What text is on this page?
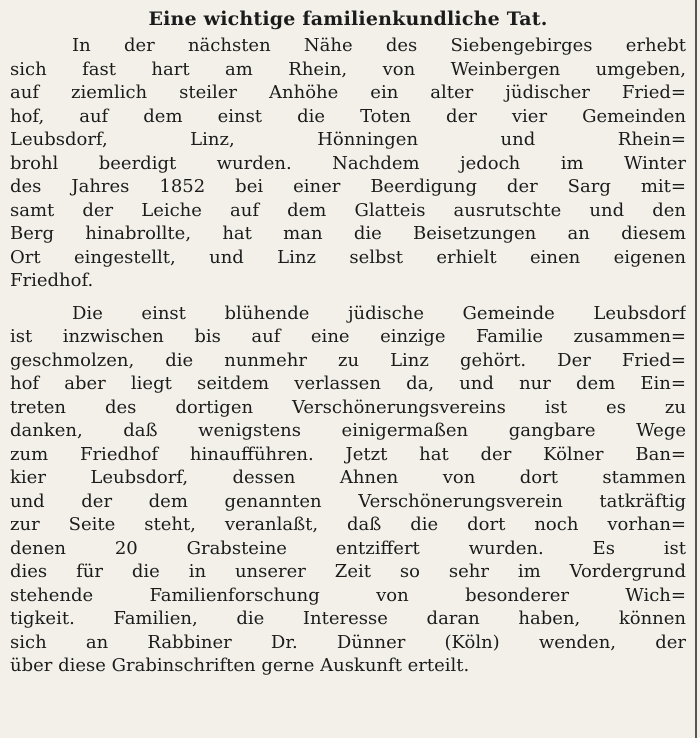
Eine wichtige familienkundliche Tat.
In der nächsten Nähe des Siebengebirges erhebt
sich fast hart am Rhein, von Weinbergen umgeben,
auf ziemlich steiler Anhöhe ein alter jüdischer Fried=
hof, auf dem einst die Toten der vier Gemeinden
Leubsdorf, Linz, Hönningen und Rhein=
brohl beerdigt wurden. Nachdem jedoch im Winter
des Jahres 1852 bei einer Beerdigung der Sarg mit=
samt der Leiche auf dem Glatteis ausrutschte und den
Berg hinabrollte, hat man die Beisetzungen an diesem
Ort eingestellt, und Linz selbst erhielt einen eigenen
Friedhof.
Die einst blühende jüdische Gemeinde Leubsdorf
ist inzwischen bis auf eine einzige Familie zusammen=
geschmolzen, die nunmehr zu Linz gehört. Der Fried=
hof aber liegt seitdem verlassen da, und nur dem Ein=
treten des dortigen Verschönerungsvereins ist es zu
danken, daß wenigstens einigermaßen gangbare Wege
zum Friedhof hinaufführen. Jetzt hat der Kölner Ban=
kier Leubsdorf, dessen Ahnen von dort stammen
und der dem genannten Verschönerungsverein tatkräftig
zur Seite steht, veranlaßt, daß die dort noch vorhan=
denen 20 Grabsteine entziffert wurden. Es ist
dies für die in unserer Zeit so sehr im Vordergrund
stehende Familienforschung von besonderer Wich=
tigkeit. Familien, die Interesse daran haben, können
sich an Rabbiner Dr. Dünner (Köln) wenden, der
über diese Grabinschriften gerne Auskunft erteilt.
